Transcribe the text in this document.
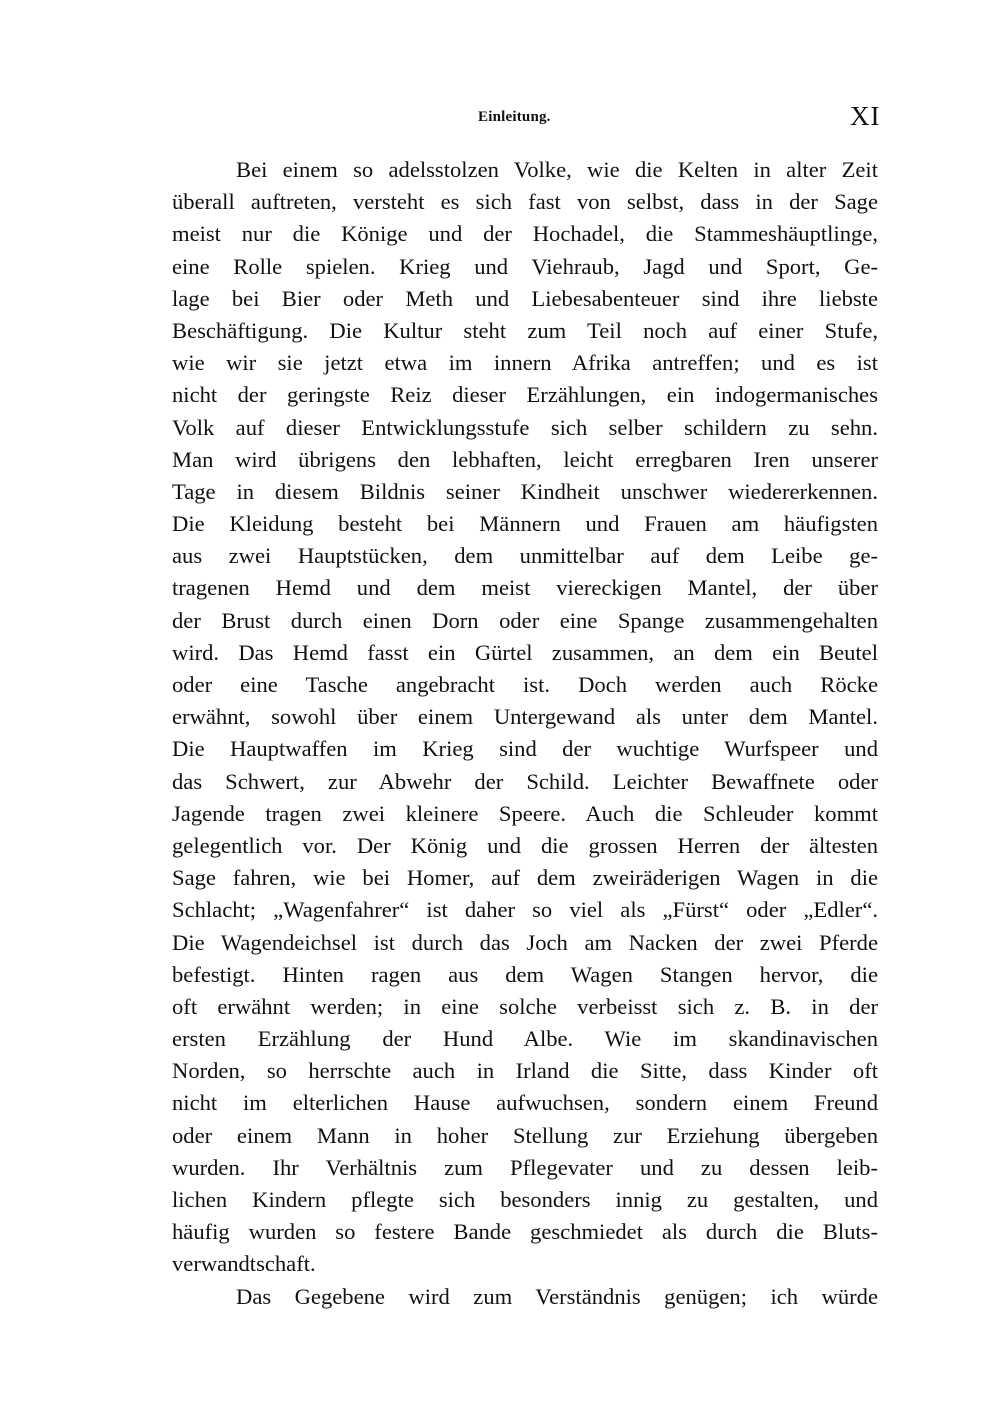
Einleitung.	XI
Bei einem so adelsstolzen Volke, wie die Kelten in alter Zeit
überall auftreten, versteht es sich fast von selbst, dass in der Sage
meist nur die Könige und der Hochadel, die Stammeshäuptlinge,
eine Rolle spielen. Krieg und Viehraub, Jagd und Sport, Ge-
lage bei Bier oder Meth und Liebesabenteuer sind ihre liebste
Beschäftigung. Die Kultur steht zum Teil noch auf einer Stufe,
wie wir sie jetzt etwa im innern Afrika antreffen; und es ist
nicht der geringste Reiz dieser Erzählungen, ein indogermanisches
Volk auf dieser Entwicklungsstufe sich selber schildern zu sehn.
Man wird übrigens den lebhaften, leicht erregbaren Iren unserer
Tage in diesem Bildnis seiner Kindheit unschwer wiedererkennen.
Die Kleidung besteht bei Männern und Frauen am häufigsten
aus zwei Hauptstücken, dem unmittelbar auf dem Leibe ge-
tragenen Hemd und dem meist viereckigen Mantel, der über
der Brust durch einen Dorn oder eine Spange zusammengehalten
wird. Das Hemd fasst ein Gürtel zusammen, an dem ein Beutel
oder eine Tasche angebracht ist. Doch werden auch Röcke
erwähnt, sowohl über einem Untergewand als unter dem Mantel.
Die Hauptwaffen im Krieg sind der wuchtige Wurfspeer und
das Schwert, zur Abwehr der Schild. Leichter Bewaffnete oder
Jagende tragen zwei kleinere Speere. Auch die Schleuder kommt
gelegentlich vor. Der König und die grossen Herren der ältesten
Sage fahren, wie bei Homer, auf dem zweiräderigen Wagen in die
Schlacht; „Wagenfahrer“ ist daher so viel als „Fürst“ oder „Edler“.
Die Wagendeichsel ist durch das Joch am Nacken der zwei Pferde
befestigt. Hinten ragen aus dem Wagen Stangen hervor, die
oft erwähnt werden; in eine solche verbeisst sich z. B. in der
ersten Erzählung der Hund Albe. Wie im skandinavischen
Norden, so herrschte auch in Irland die Sitte, dass Kinder oft
nicht im elterlichen Hause aufwuchsen, sondern einem Freund
oder einem Mann in hoher Stellung zur Erziehung übergeben
wurden. Ihr Verhältnis zum Pflegevater und zu dessen leib-
lichen Kindern pflegte sich besonders innig zu gestalten, und
häufig wurden so festere Bande geschmiedet als durch die Bluts-
verwandtschaft.
Das Gegebene wird zum Verständnis genügen; ich würde
